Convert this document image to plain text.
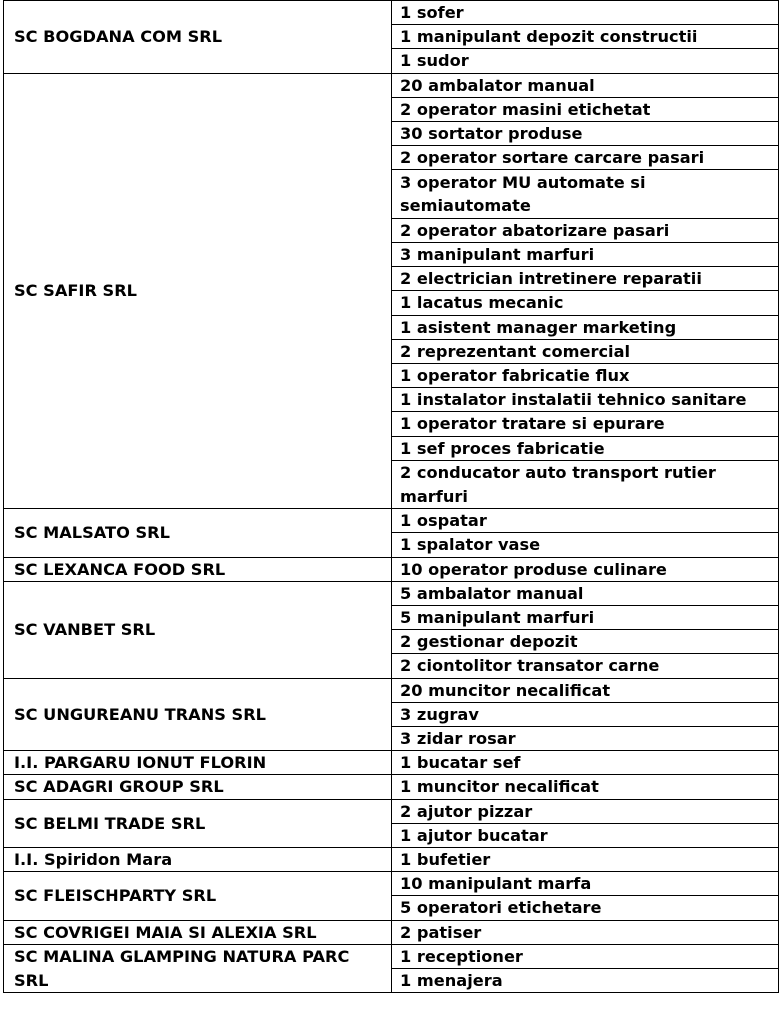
SC BOGDANA COM SRL	1 sofer
	1 manipulant depozit constructii
	1 sudor
SC SAFIR SRL	20 ambalator manual
	2 operator masini etichetat
	30 sortator produse
	2 operator sortare carcare pasari
	3 operator MU automate si semiautomate
	2 operator abatorizare pasari
	3 manipulant marfuri
	2 electrician intretinere reparatii
	1 lacatus mecanic
	1 asistent manager marketing
	2 reprezentant comercial
	1 operator fabricatie flux
	1 instalator instalatii tehnico sanitare
	1 operator tratare si epurare
	1 sef proces fabricatie
	2 conducator auto transport rutier marfuri
SC MALSATO SRL	1 ospatar
	1 spalator vase
SC LEXANCA FOOD SRL	10 operator produse culinare
SC VANBET SRL	5 ambalator manual
	5 manipulant marfuri
	2 gestionar depozit
	2 ciontolitor transator carne
SC UNGUREANU TRANS SRL	20 muncitor necalificat
	3 zugrav
	3 zidar rosar
I.I. PARGARU IONUT FLORIN	1 bucatar sef
SC ADAGRI GROUP SRL	1 muncitor necalificat
SC BELMI TRADE SRL	2 ajutor pizzar
	1 ajutor bucatar
I.I. Spiridon Mara	1 bufetier
SC FLEISCHPARTY SRL	10 manipulant marfa
	5 operatori etichetare
SC COVRIGEI MAIA SI ALEXIA SRL	2 patiser
SC MALINA GLAMPING NATURA PARC SRL	1 receptioner
	1 menajera
